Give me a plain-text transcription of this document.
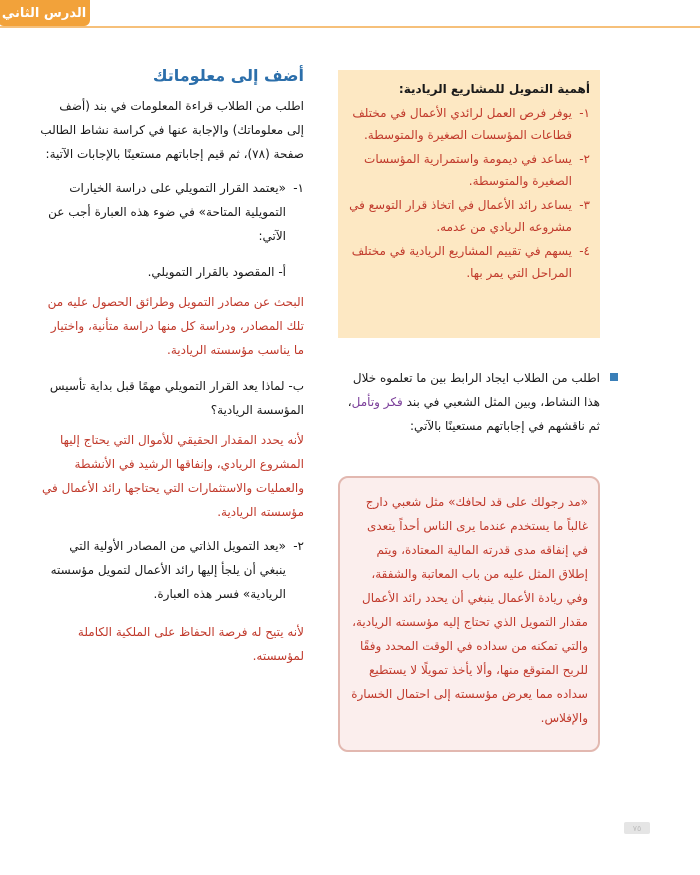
الدرس الثاني
أهمية التمويل للمشاريع الريادية:
١-
يوفر فرص العمل لرائدي الأعمال في مختلف قطاعات المؤسسات الصغيرة والمتوسطة.
٢-
يساعد في ديمومة واستمرارية المؤسسات الصغيرة والمتوسطة.
٣-
يساعد رائد الأعمال في اتخاذ قرار التوسع في مشروعه الريادي من عدمه.
٤-
يسهم في تقييم المشاريع الريادية في مختلف المراحل التي يمر بها.
اطلب من الطلاب ايجاد الرابط بين ما تعلموه خلال هذا النشاط، وبين المثل الشعبي في بند فكر وتأمل، ثم ناقشهم في إجاباتهم مستعينًا بالآتي:
«مد رجولك على قد لحافك» مثل شعبي دارج غالباً ما يستخدم عندما يرى الناس أحداً يتعدى في إنفاقه مدى قدرته المالية المعتادة، ويتم إطلاق المثل عليه من باب المعاتبة والشفقة، وفي ريادة الأعمال ينبغي أن يحدد رائد الأعمال مقدار التمويل الذي تحتاج إليه مؤسسته الريادية، والتي تمكنه من سداده في الوقت المحدد وفقًا للربح المتوقع منها، وألا يأخذ تمويلًا لا يستطيع سداده مما يعرض مؤسسته إلى احتمال الخسارة والإفلاس.
أضف إلى معلوماتك

اطلب من الطلاب قراءة المعلومات في بند (أضف إلى معلوماتك) والإجابة عنها في كراسة نشاط الطالب صفحة (٧٨)، ثم قيم إجاباتهم مستعينًا بالإجابات الآتية:

١-
«يعتمد القرار التمويلي على دراسة الخيارات التمويلية المتاحة» في ضوء هذه العبارة أجب عن الآتي:
أ- المقصود بالقرار التمويلي.
البحث عن مصادر التمويل وطرائق الحصول عليه من تلك المصادر، ودراسة كل منها دراسة متأنية، واختيار ما يناسب مؤسسته الريادية.
ب- لماذا يعد القرار التمويلي مهمًا قبل بداية تأسيس المؤسسة الريادية؟
لأنه يحدد المقدار الحقيقي للأموال التي يحتاج إليها المشروع الريادي، وإنفاقها الرشيد في الأنشطة والعمليات والاستثمارات التي يحتاجها رائد الأعمال في مؤسسته الريادية.
٢-
«يعد التمويل الذاتي من المصادر الأولية التي ينبغي أن يلجأ إليها رائد الأعمال لتمويل مؤسسته الريادية» فسر هذه العبارة.
لأنه يتيح له فرصة الحفاظ على الملكية الكاملة لمؤسسته.
٧٥
